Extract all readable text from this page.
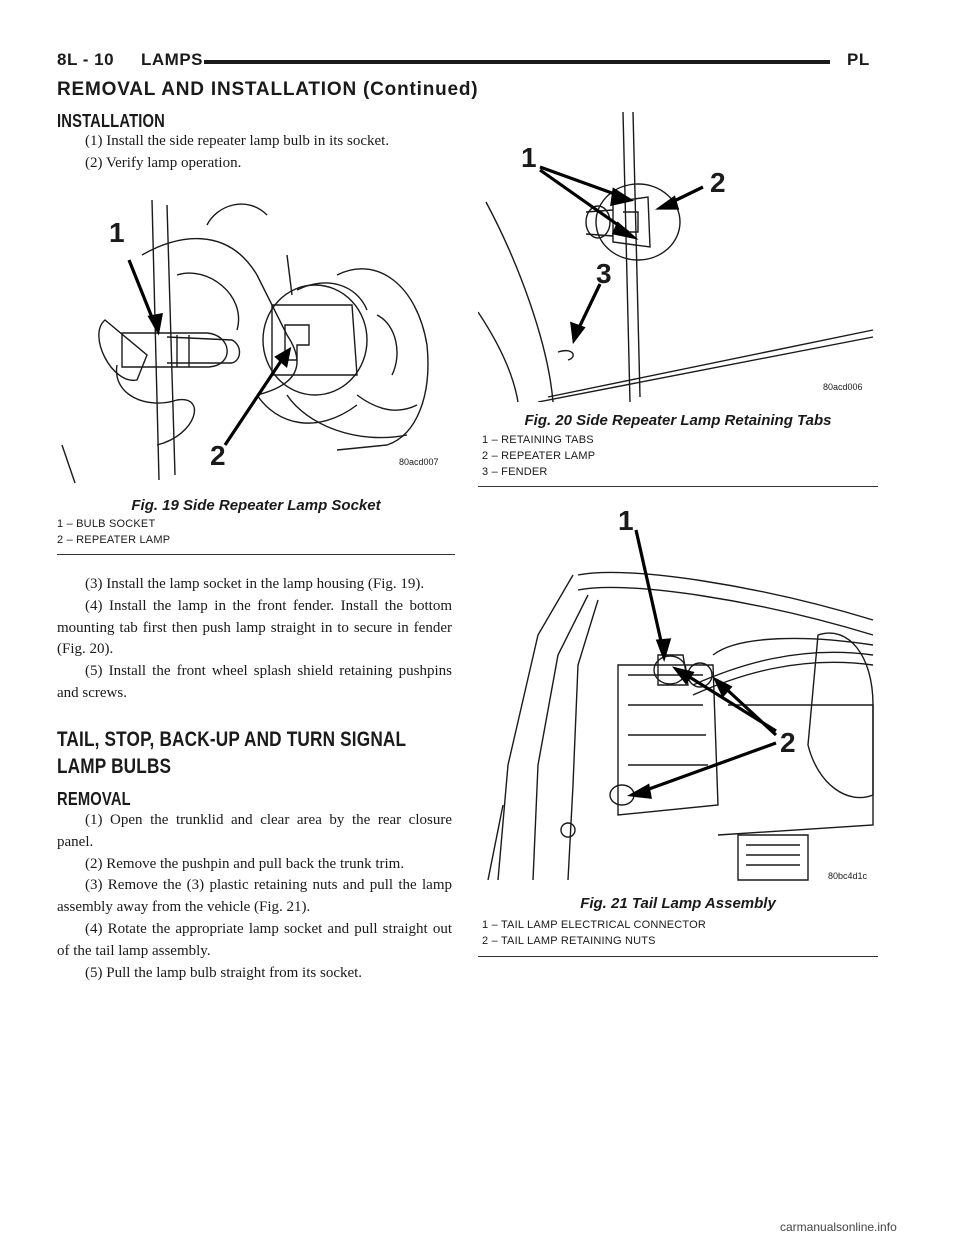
8L - 10 LAMPS	PL
REMOVAL AND INSTALLATION (Continued)
INSTALLATION

(1) Install the side repeater lamp bulb in its socket.

(2) Verify lamp operation.

1
2	80acd007
Fig. 19 Side Repeater Lamp Socket
1 – BULB SOCKET
2 – REPEATER LAMP

(3) Install the lamp socket in the lamp housing (Fig. 19).

(4) Install the lamp in the front fender. Install the bottom mounting tab first then push lamp straight in to secure in fender (Fig. 20).

(5) Install the front wheel splash shield retaining pushpins and screws.

TAIL, STOP, BACK-UP AND TURN SIGNAL
LAMP BULBS
REMOVAL

(1) Open the trunklid and clear area by the rear closure panel.

(2) Remove the pushpin and pull back the trunk trim.

(3) Remove the (3) plastic retaining nuts and pull the lamp assembly away from the vehicle (Fig. 21).

(4) Rotate the appropriate lamp socket and pull straight out of the tail lamp assembly.

(5) Pull the lamp bulb straight from its socket.

1
2
3
80acd006
Fig. 20 Side Repeater Lamp Retaining Tabs
1 – RETAINING TABS
2 – REPEATER LAMP
3 – FENDER
1
2
80bc4d1c
Fig. 21 Tail Lamp Assembly
1 – TAIL LAMP ELECTRICAL CONNECTOR
2 – TAIL LAMP RETAINING NUTS
carmanualsonline.info
